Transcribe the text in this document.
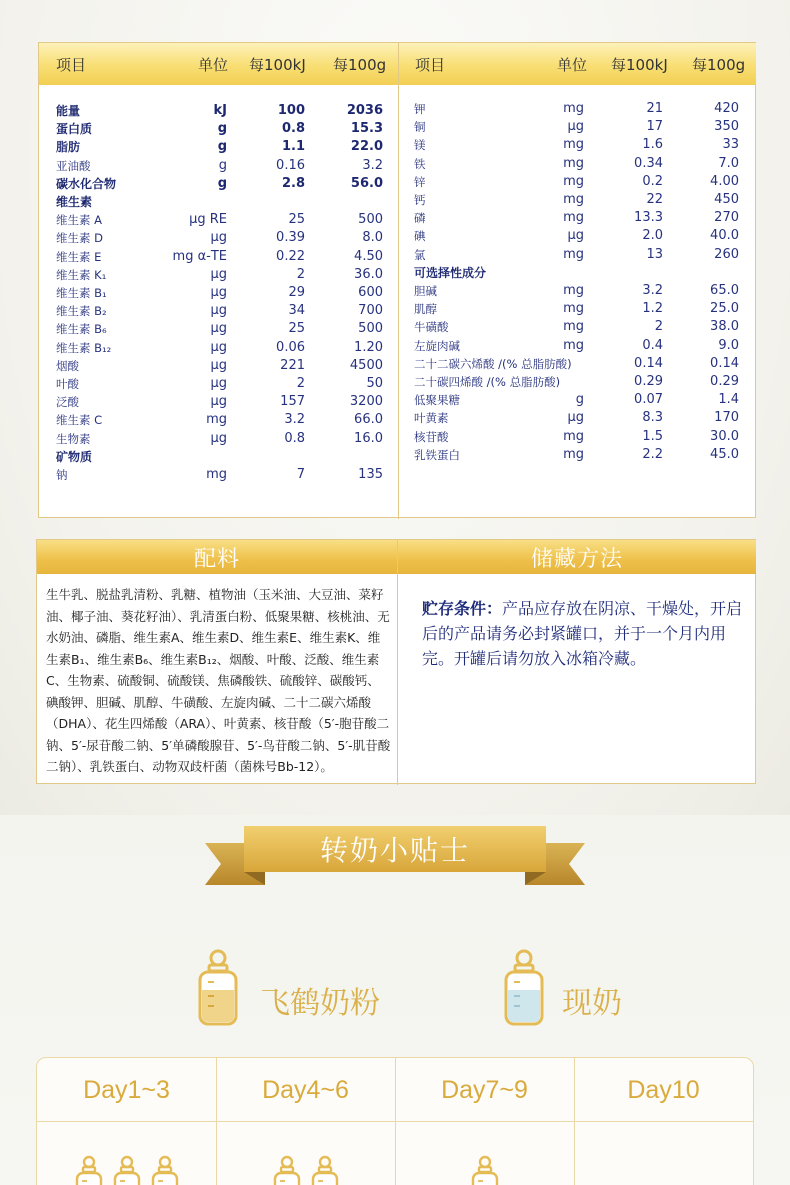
项目	单位 每100kJ 每100g 项目	单位 每100kJ 每100g
能量	kJ	100	2036
蛋白质	g	0.8	15.3
脂肪	g	1.1	22.0
亚油酸	g	0.16	3.2
碳水化合物	g	2.8	56.0
维生素
维生素 A	μg RE	25	500
维生素 D	μg	0.39	8.0
维生素 E	mg α-TE	0.22	4.50
维生素 K₁	μg	2	36.0
维生素 B₁	μg	29	600
维生素 B₂	μg	34	700
维生素 B₆	μg	25	500
维生素 B₁₂	μg	0.06	1.20
烟酸	μg	221	4500
叶酸	μg	2	50
泛酸	μg	157	3200
维生素 C	mg	3.2	66.0
生物素	μg	0.8	16.0
矿物质
钠	mg	7	135
钾	mg	21	420
铜	μg	17	350
镁	mg	1.6	33
铁	mg	0.34	7.0
锌	mg	0.2	4.00
钙	mg	22	450
磷	mg	13.3	270
碘	μg	2.0	40.0
氯	mg	13	260
可选择性成分
胆碱	mg	3.2	65.0
肌醇	mg	1.2	25.0
牛磺酸	mg	2	38.0
左旋肉碱	mg	0.4	9.0
二十二碳六烯酸 /(% 总脂肪酸)	0.14	0.14
二十碳四烯酸 /(% 总脂肪酸)	0.29	0.29
低聚果糖	g	0.07	1.4
叶黄素	μg	8.3	170
核苷酸	mg	1.5	30.0
乳铁蛋白	mg	2.2	45.0
配料	储藏方法
生牛乳、脱盐乳清粉、乳糖、植物油（玉米油、大豆油、菜籽油、椰子油、葵花籽油）、乳清蛋白粉、低聚果糖、核桃油、无水奶油、磷脂、维生素A、维生素D、维生素E、维生素K、维生素B₁、维生素B₆、维生素B₁₂、烟酸、叶酸、泛酸、维生素C、生物素、硫酸铜、硫酸镁、焦磷酸铁、硫酸锌、碳酸钙、碘酸钾、胆碱、肌醇、牛磺酸、左旋肉碱、二十二碳六烯酸（DHA）、花生四烯酸（ARA）、叶黄素、核苷酸（5′-胞苷酸二钠、5′-尿苷酸二钠、5′单磷酸腺苷、5′-鸟苷酸二钠、5′-肌苷酸二钠）、乳铁蛋白、动物双歧杆菌（菌株号Bb-12）。
贮存条件：产品应存放在阴凉、干燥处，开启后的产品请务必封紧罐口，并于一个月内用完。开罐后请勿放入冰箱冷藏。
转奶小贴士
飞鹤奶粉	现奶
Day1~3	Day4~6	Day7~9	Day10
